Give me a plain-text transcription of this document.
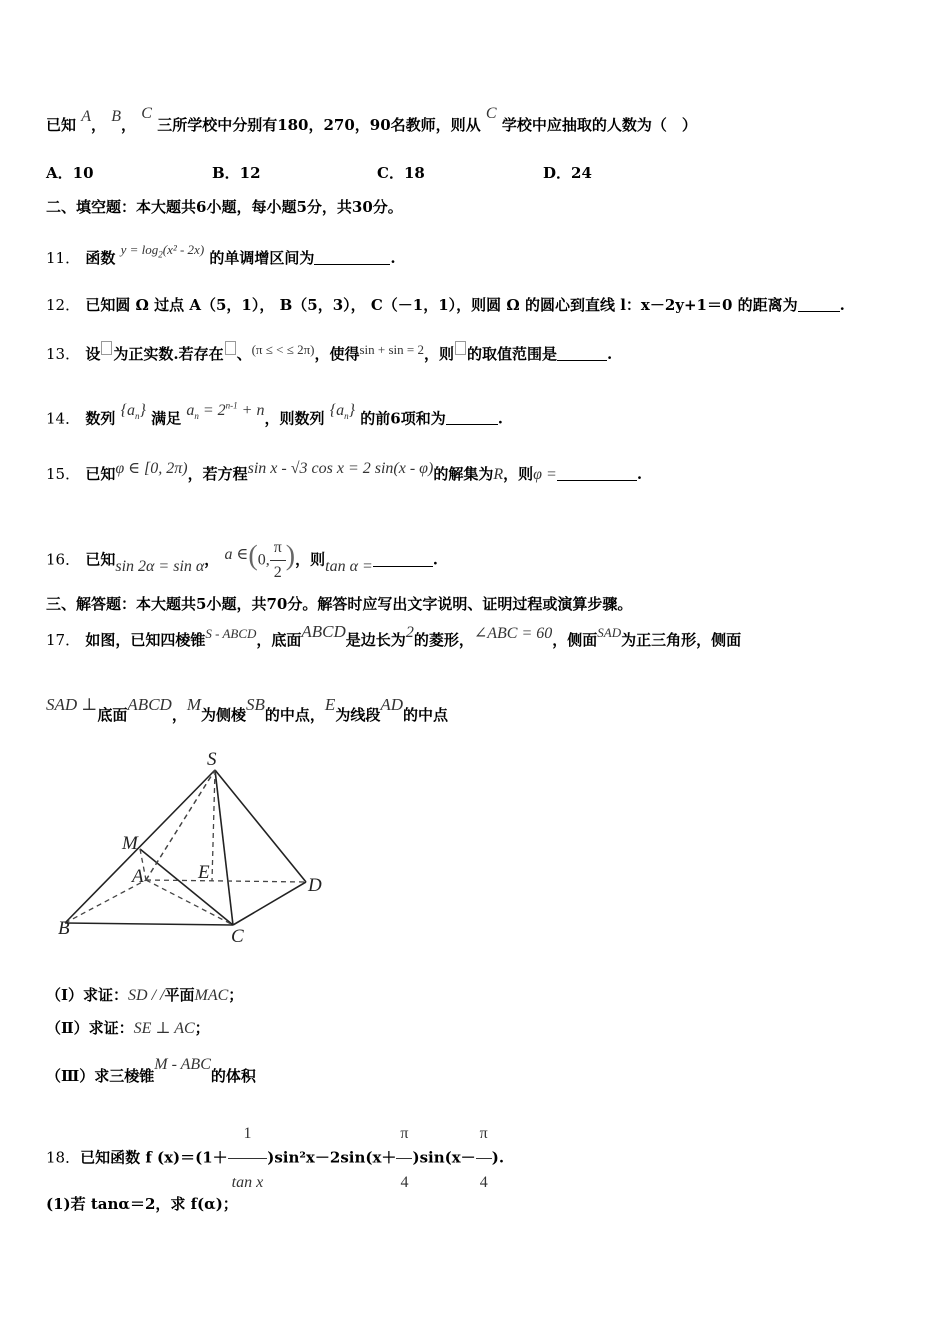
已知 A， B， C 三所学校中分别有180，270，90名教师，则从 C 学校中应抽取的人数为（　）
A．10	B．12	C．18	D．24
二、填空题：本大题共6小题，每小题5分，共30分。
11． 函数 $y = \log_2(x^2 - 2x)$ 的单调增区间为	.
12． 已知圆 Ω 过点 A（5，1）， B（5，3）， C（－1，1），则圆 Ω 的圆心到直线 l：x－2y+1＝0 的距离为	.
13． 设 为正实数.若存在 、(π ≤ < ≤ 2π)，使得sin + sin = 2，则 的取值范围是	.
14． 数列 $\{a_n\}$ 满足 $a_n = 2^{n-1} + n$，则数列 $\{a_n\}$ 的前6项和为	.
15． 已知φ ∈ [0, 2π)，若方程sin x - √3 cos x = 2 sin(x - φ)的解集为R，则φ =	.
16． 已知sin 2α = sin α， a ∈(0, $\frac{\pi}{2}$ )，则tan α =	.
三、解答题：本大题共5小题，共70分。解答时应写出文字说明、证明过程或演算步骤。
17． 如图，已知四棱锥S - ABCD，底面ABCD是边长为2的菱形，∠ABC = 60，侧面SAD为正三角形，侧面
SAD ⊥底面ABCD，M为侧棱SB的中点，E为线段AD的中点
S
M
A	E
D
B	C
（Ⅰ）求证：SD / /平面MAC；
（Ⅱ）求证：SE ⊥ AC；
（Ⅲ）求三棱锥M - ABC的体积
18．已知函数 f $(x)=(1+ \frac{1}{\text{tan x}} )\sin^2x-2\sin(x+ \frac{\pi}{4} )\sin(x- \frac{\pi}{4}$ ).
(1)若 tanα＝2，求 f(α)；
